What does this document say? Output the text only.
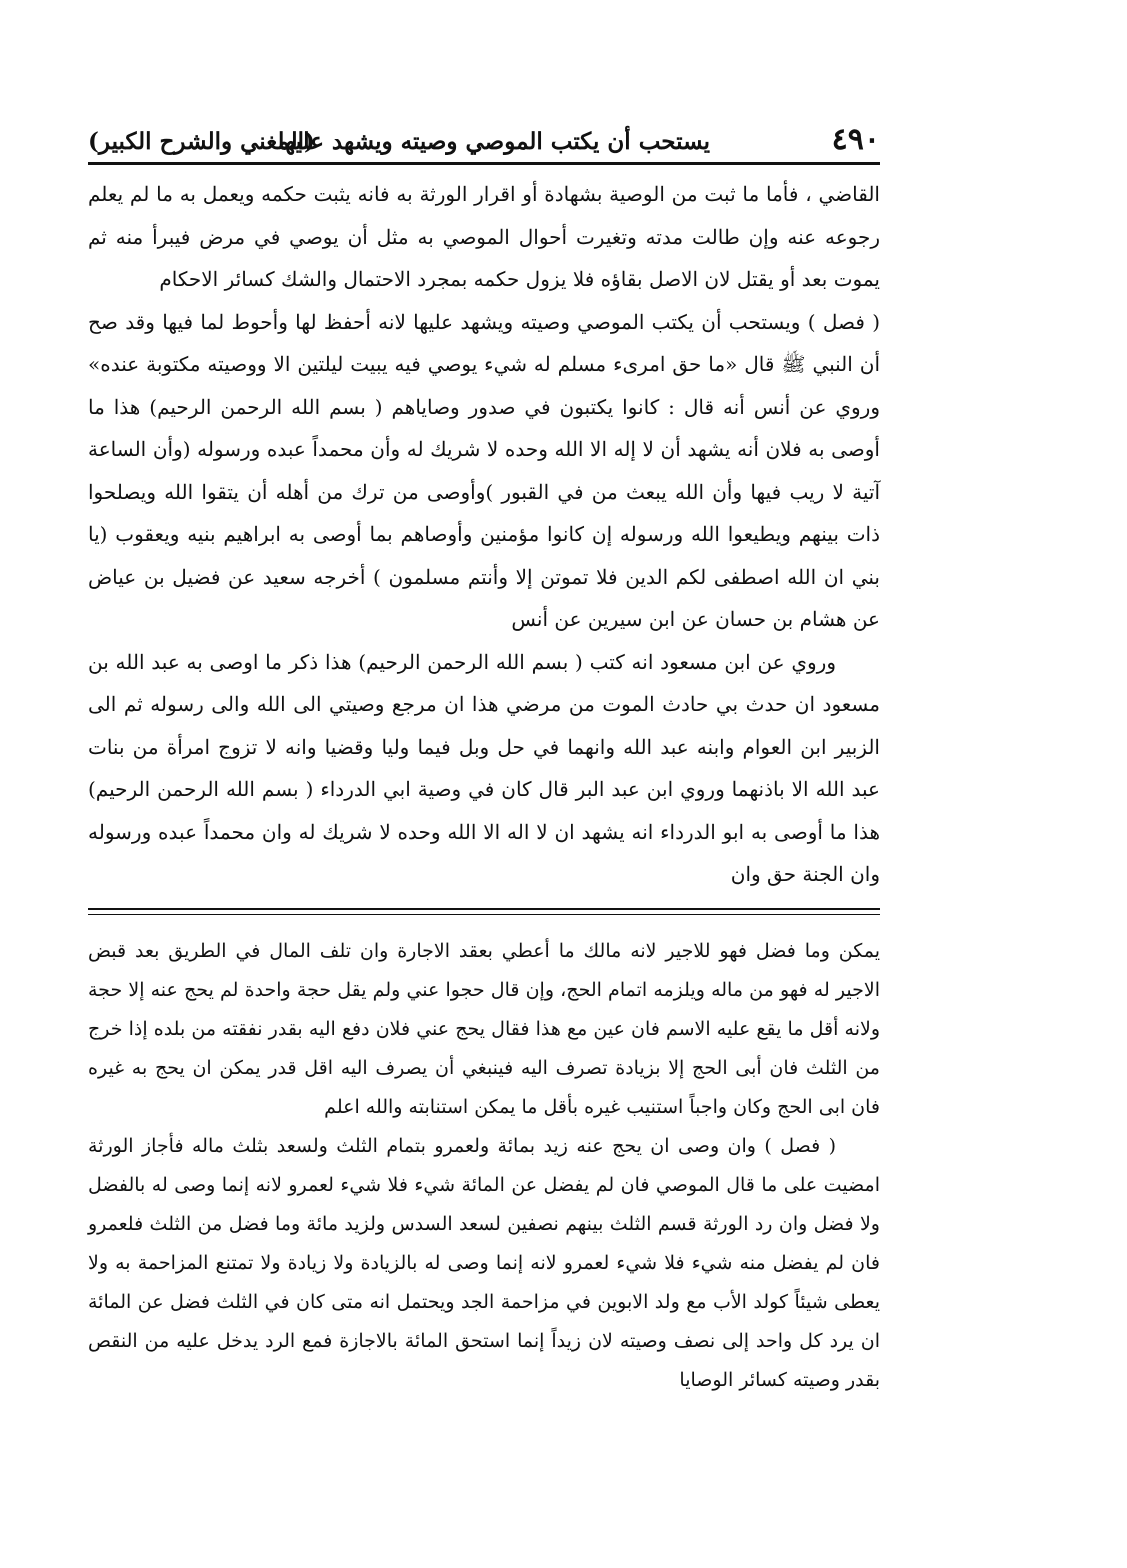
٤٩٠
يستحب أن يكتب الموصي وصيته ويشهد عليها
(المغني والشرح الكبير)

القاضي ، فأما ما ثبت من الوصية بشهادة أو اقرار الورثة به فانه يثبت حكمه ويعمل به ما لم يعلم رجوعه عنه وإن طالت مدته وتغيرت أحوال الموصي به مثل أن يوصي في مرض فيبرأ منه ثم يموت بعد أو يقتل لان الاصل بقاؤه فلا يزول حكمه بمجرد الاحتمال والشك كسائر الاحكام

( فصل ) ويستحب أن يكتب الموصي وصيته ويشهد عليها لانه أحفظ لها وأحوط لما فيها وقد صح أن النبي ﷺ قال «ما حق امرىء مسلم له شيء يوصي فيه يبيت ليلتين الا ووصيته مكتوبة عنده» وروي عن أنس أنه قال : كانوا يكتبون في صدور وصاياهم ( بسم الله الرحمن الرحيم) هذا ما أوصى به فلان أنه يشهد أن لا إله الا الله وحده لا شريك له وأن محمداً عبده ورسوله (وأن الساعة آتية لا ريب فيها وأن الله يبعث من في القبور )وأوصى من ترك من أهله أن يتقوا الله ويصلحوا ذات بينهم ويطيعوا الله ورسوله إن كانوا مؤمنين وأوصاهم بما أوصى به ابراهيم بنيه ويعقوب (يا بني ان الله اصطفى لكم الدين فلا تموتن إلا وأنتم مسلمون ) أخرجه سعيد عن فضيل بن عياض عن هشام بن حسان عن ابن سيرين عن أنس

وروي عن ابن مسعود انه كتب ( بسم الله الرحمن الرحيم) هذا ذكر ما اوصى به عبد الله بن مسعود ان حدث بي حادث الموت من مرضي هذا ان مرجع وصيتي الى الله والى رسوله ثم الى الزبير ابن العوام وابنه عبد الله وانهما في حل وبل فيما وليا وقضيا وانه لا تزوج امرأة من بنات عبد الله الا باذنهما وروي ابن عبد البر قال كان في وصية ابي الدرداء ( بسم الله الرحمن الرحيم) هذا ما أوصى به ابو الدرداء انه يشهد ان لا اله الا الله وحده لا شريك له وان محمداً عبده ورسوله وان الجنة حق وان

يمكن وما فضل فهو للاجير لانه مالك ما أعطي بعقد الاجارة وان تلف المال في الطريق بعد قبض الاجير له فهو من ماله ويلزمه اتمام الحج، وإن قال حجوا عني ولم يقل حجة واحدة لم يحج عنه إلا حجة ولانه أقل ما يقع عليه الاسم فان عين مع هذا فقال يحج عني فلان دفع اليه بقدر نفقته من بلده إذا خرج من الثلث فان أبى الحج إلا بزيادة تصرف اليه فينبغي أن يصرف اليه اقل قدر يمكن ان يحج به غيره فان ابى الحج وكان واجباً استنيب غيره بأقل ما يمكن استنابته والله اعلم

( فصل ) وان وصى ان يحج عنه زيد بمائة ولعمرو بتمام الثلث ولسعد بثلث ماله فأجاز الورثة امضيت على ما قال الموصي فان لم يفضل عن المائة شيء فلا شيء لعمرو لانه إنما وصى له بالفضل ولا فضل وان رد الورثة قسم الثلث بينهم نصفين لسعد السدس ولزيد مائة وما فضل من الثلث فلعمرو فان لم يفضل منه شيء فلا شيء لعمرو لانه إنما وصى له بالزيادة ولا زيادة ولا تمتنع المزاحمة به ولا يعطى شيئاً كولد الأب مع ولد الابوين في مزاحمة الجد ويحتمل انه متى كان في الثلث فضل عن المائة ان يرد كل واحد إلى نصف وصيته لان زيداً إنما استحق المائة بالاجازة فمع الرد يدخل عليه من النقص بقدر وصيته كسائر الوصايا
